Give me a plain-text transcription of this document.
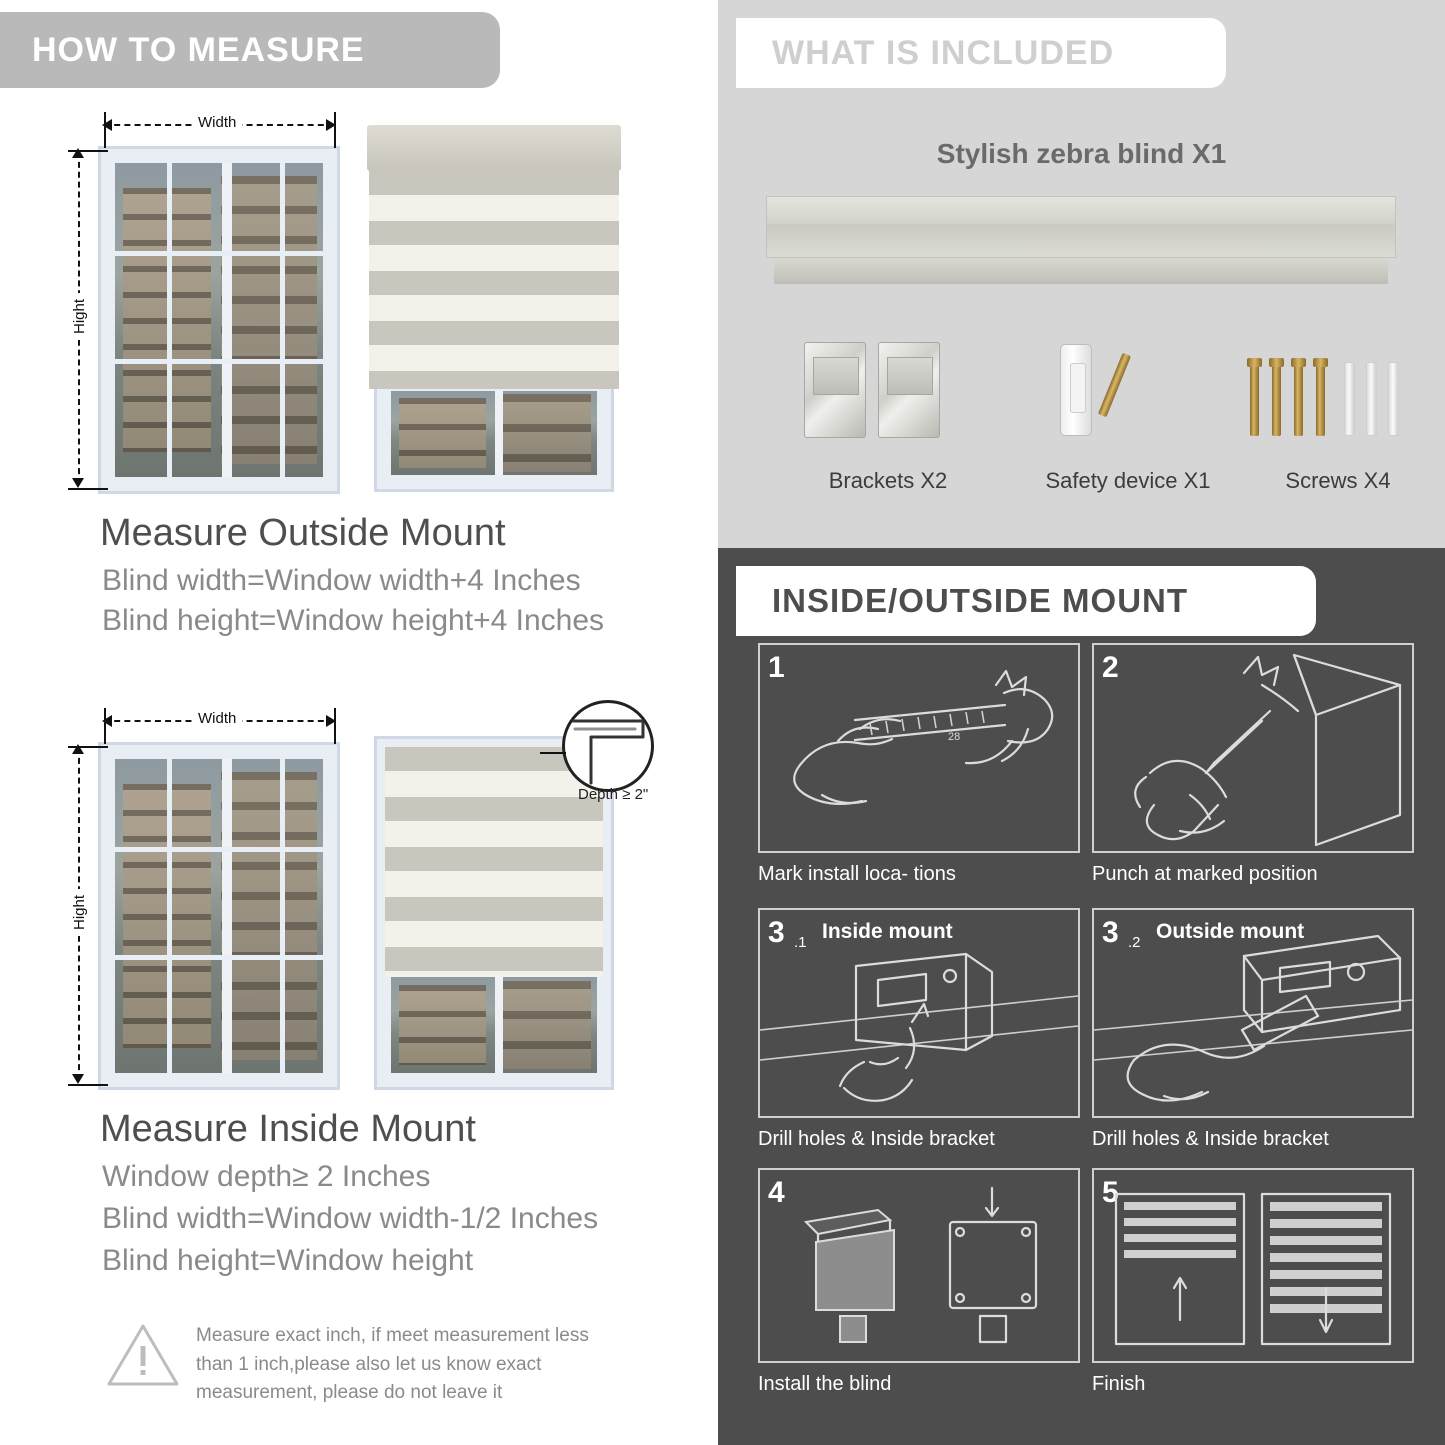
HOW TO MEASURE
Width
Hight
Measure Outside Mount
Blind width=Window width+4 Inches
Blind height=Window height+4 Inches
Width
Hight
Depth ≥ 2"
Measure Inside Mount
Window depth≥ 2 Inches
Blind width=Window width-1/2 Inches
Blind height=Window height
Measure exact inch, if meet measurement less than 1 inch,please also let us know exact measurement, please do not leave it
WHAT IS INCLUDED
Stylish zebra blind X1
Brackets X2	Safety device X1	Screws X4
INSIDE/OUTSIDE MOUNT
1
28
Mark install loca- tions
2
Punch at marked position
3 .1 Inside mount
Drill holes & Inside bracket
3 .2 Outside mount
Drill holes & Inside bracket
4
Install the blind
5
Finish
